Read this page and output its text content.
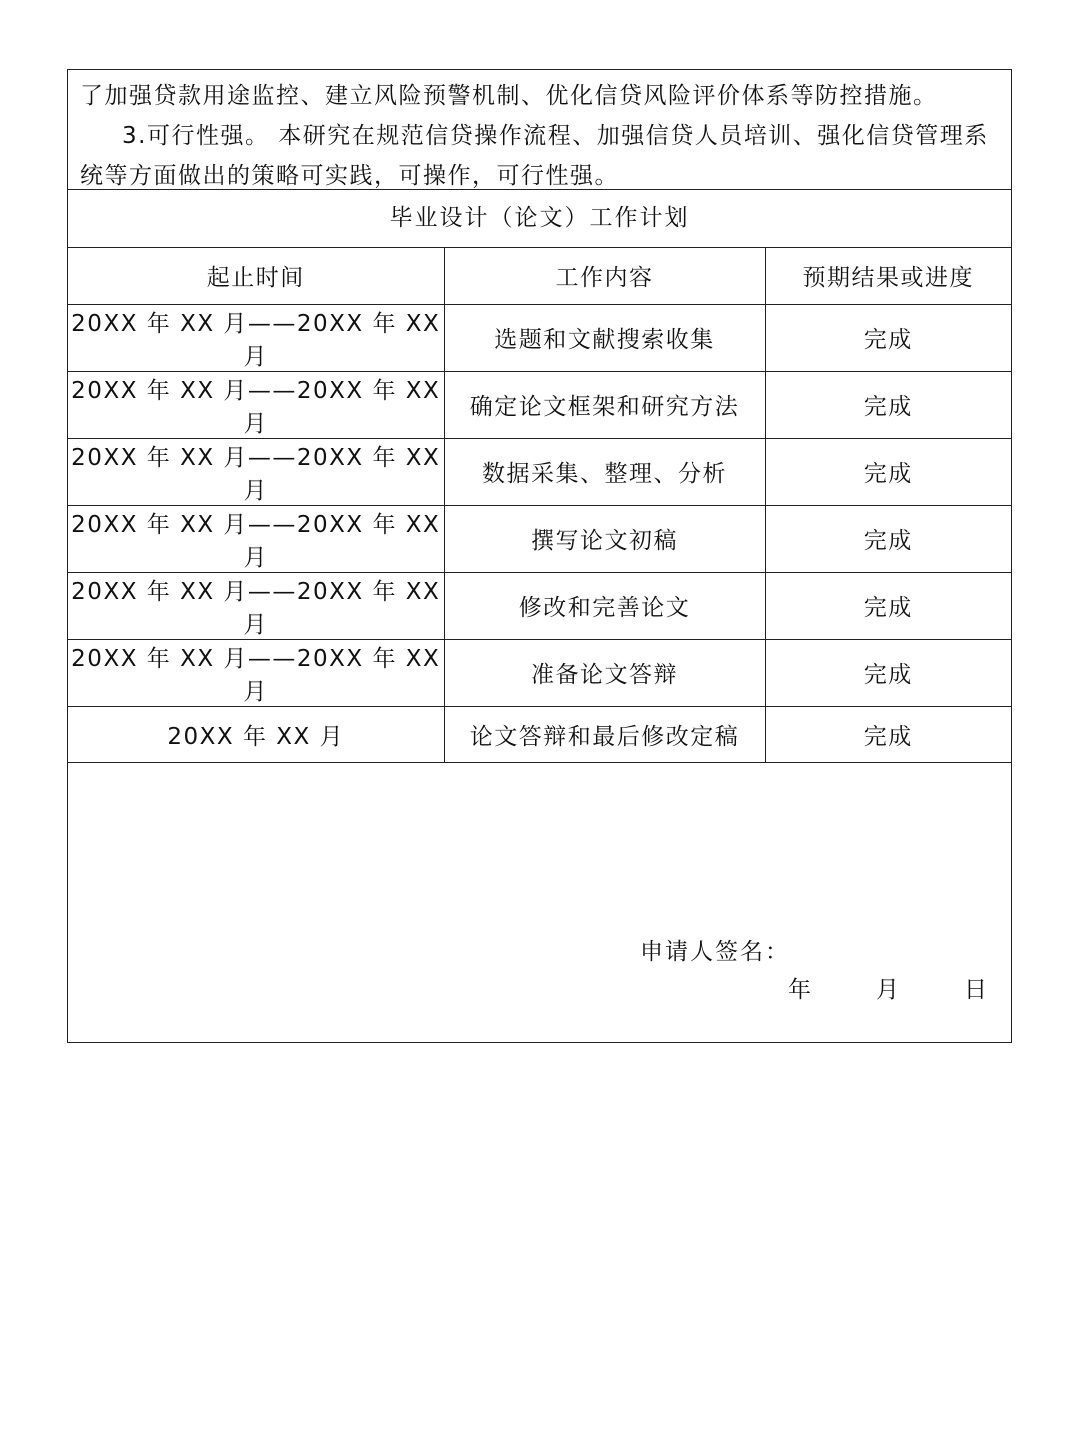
了加强贷款用途监控、建立风险预警机制、优化信贷风险评价体系等防控措施。

3.可行性强。 本研究在规范信贷操作流程、加强信贷人员培训、强化信贷管理系统等方面做出的策略可实践，可操作，可行性强。

毕业设计（论文）工作计划
起止时间	工作内容	预期结果或进度
20XX 年 XX 月——20XX 年 XX 月	选题和文献搜索收集	完成
20XX 年 XX 月——20XX 年 XX 月	确定论文框架和研究方法	完成
20XX 年 XX 月——20XX 年 XX 月	数据采集、整理、分析	完成
20XX 年 XX 月——20XX 年 XX 月	撰写论文初稿	完成
20XX 年 XX 月——20XX 年 XX 月	修改和完善论文	完成
20XX 年 XX 月——20XX 年 XX 月	准备论文答辩	完成
20XX 年 XX 月	论文答辩和最后修改定稿	完成
申请人签名：
年	月	日
